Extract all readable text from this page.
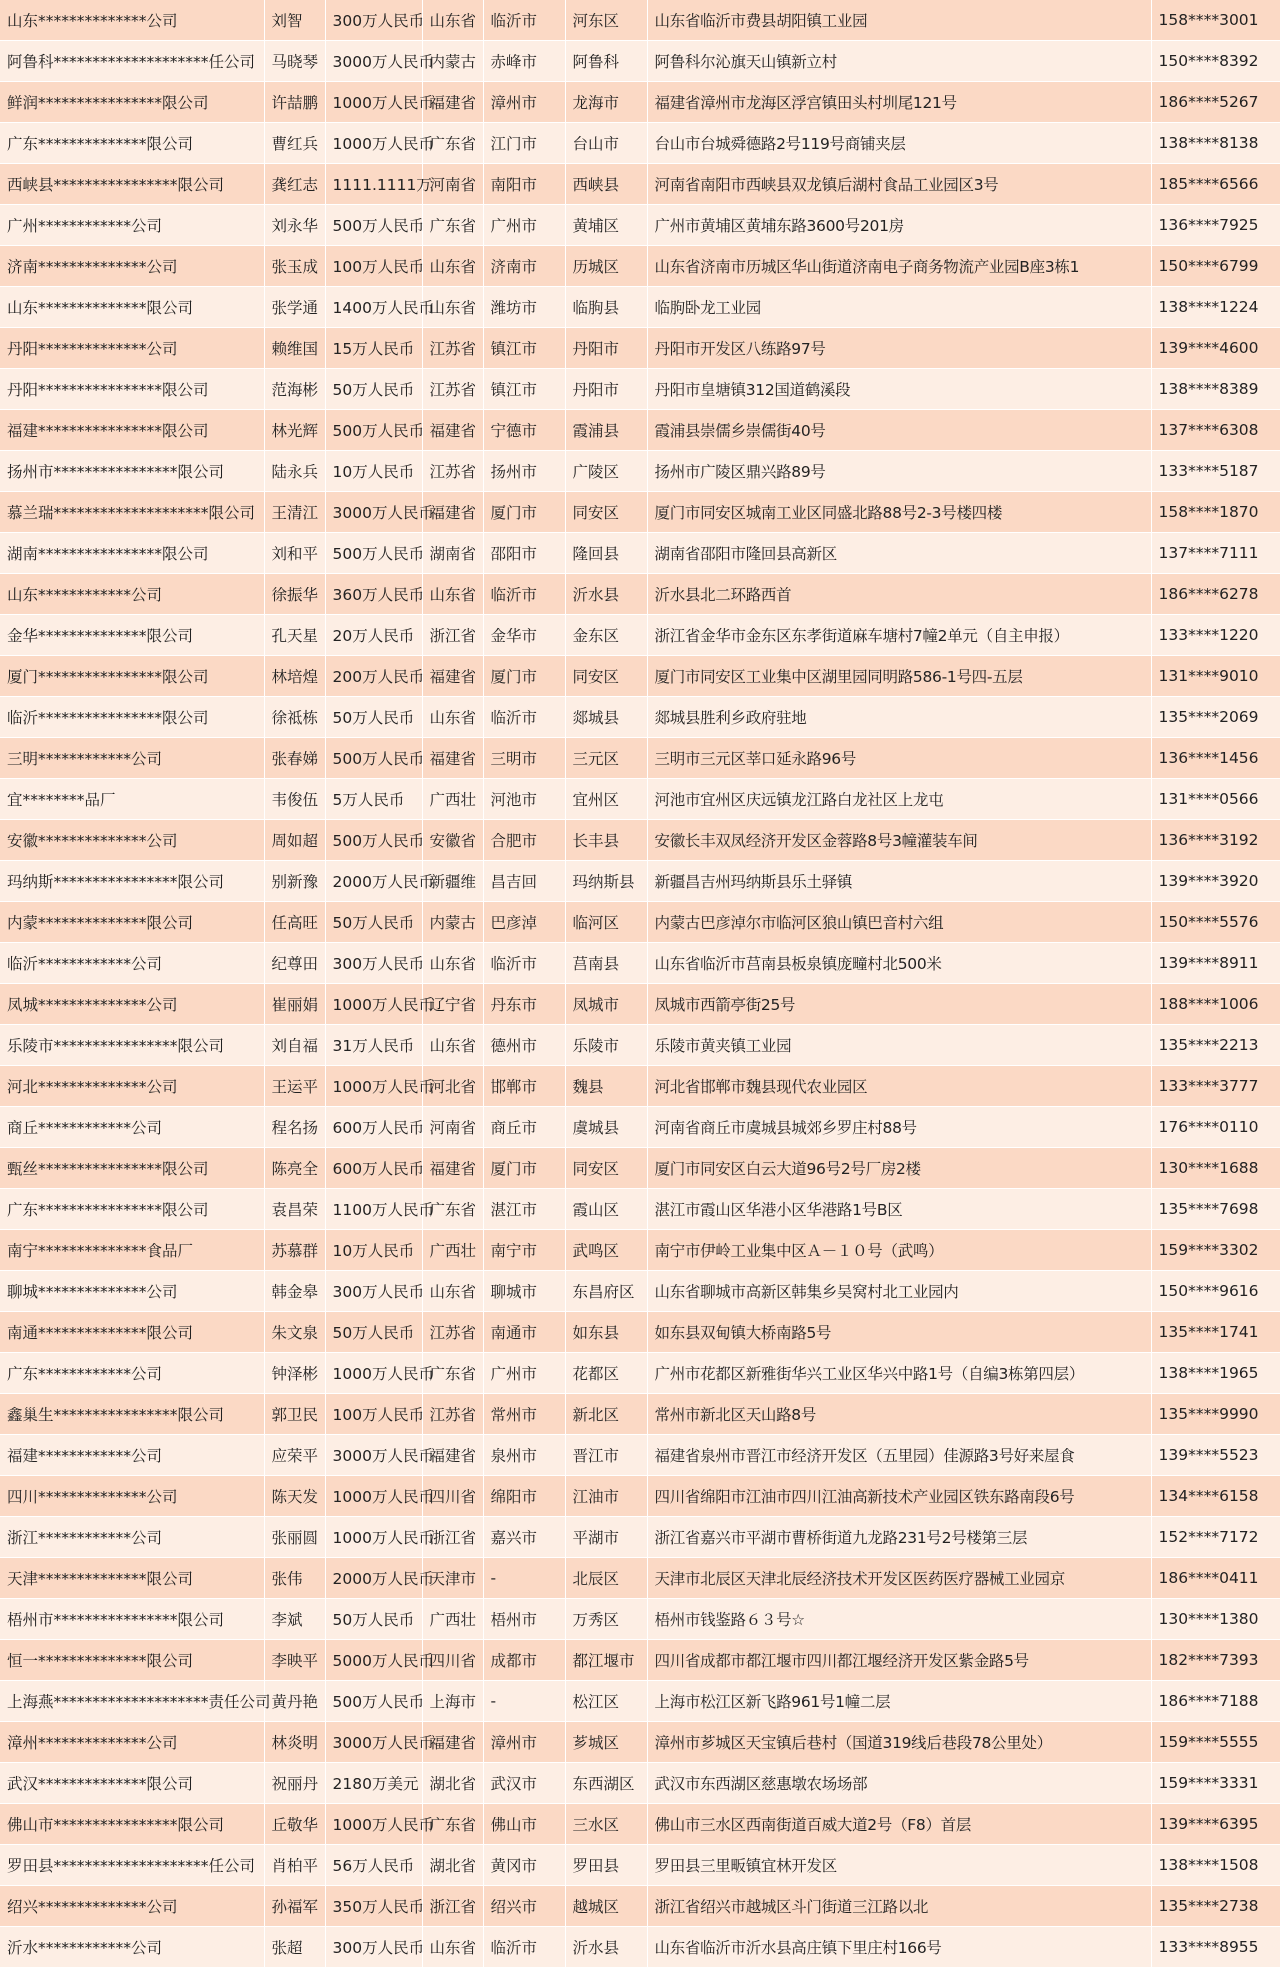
山东**************公司	刘智	300万人民币	山东省	临沂市	河东区	山东省临沂市费县胡阳镇工业园	158****3001
阿鲁科********************任公司	马晓琴	3000万人民币	内蒙古	赤峰市	阿鲁科	阿鲁科尔沁旗天山镇新立村	150****8392
鲜润****************限公司	许喆鹏	1000万人民币	福建省	漳州市	龙海市	福建省漳州市龙海区浮宫镇田头村圳尾121号	186****5267
广东**************限公司	曹红兵	1000万人民币	广东省	江门市	台山市	台山市台城舜德路2号119号商铺夹层	138****8138
西峡县****************限公司	龚红志	1111.1111万	河南省	南阳市	西峡县	河南省南阳市西峡县双龙镇后湖村食品工业园区3号	185****6566
广州************公司	刘永华	500万人民币	广东省	广州市	黄埔区	广州市黄埔区黄埔东路3600号201房	136****7925
济南**************公司	张玉成	100万人民币	山东省	济南市	历城区	山东省济南市历城区华山街道济南电子商务物流产业园B座3栋1	150****6799
山东**************限公司	张学通	1400万人民币	山东省	潍坊市	临朐县	临朐卧龙工业园	138****1224
丹阳**************公司	赖维国	15万人民币	江苏省	镇江市	丹阳市	丹阳市开发区八练路97号	139****4600
丹阳****************限公司	范海彬	50万人民币	江苏省	镇江市	丹阳市	丹阳市皇塘镇312国道鹤溪段	138****8389
福建****************限公司	林光辉	500万人民币	福建省	宁德市	霞浦县	霞浦县崇儒乡崇儒街40号	137****6308
扬州市****************限公司	陆永兵	10万人民币	江苏省	扬州市	广陵区	扬州市广陵区鼎兴路89号	133****5187
慕兰瑞********************限公司	王清江	3000万人民币	福建省	厦门市	同安区	厦门市同安区城南工业区同盛北路88号2-3号楼四楼	158****1870
湖南****************限公司	刘和平	500万人民币	湖南省	邵阳市	隆回县	湖南省邵阳市隆回县高新区	137****7111
山东************公司	徐振华	360万人民币	山东省	临沂市	沂水县	沂水县北二环路西首	186****6278
金华**************限公司	孔天星	20万人民币	浙江省	金华市	金东区	浙江省金华市金东区东孝街道麻车塘村7幢2单元（自主申报）	133****1220
厦门****************限公司	林培煌	200万人民币	福建省	厦门市	同安区	厦门市同安区工业集中区湖里园同明路586-1号四-五层	131****9010
临沂****************限公司	徐祗栋	50万人民币	山东省	临沂市	郯城县	郯城县胜利乡政府驻地	135****2069
三明************公司	张春娣	500万人民币	福建省	三明市	三元区	三明市三元区莘口延永路96号	136****1456
宜********品厂	韦俊伍	5万人民币	广西壮	河池市	宜州区	河池市宜州区庆远镇龙江路白龙社区上龙屯	131****0566
安徽**************公司	周如超	500万人民币	安徽省	合肥市	长丰县	安徽长丰双凤经济开发区金蓉路8号3幢灌装车间	136****3192
玛纳斯****************限公司	别新豫	2000万人民币	新疆维	昌吉回	玛纳斯县	新疆昌吉州玛纳斯县乐土驿镇	139****3920
内蒙**************限公司	任高旺	50万人民币	内蒙古	巴彦淖	临河区	内蒙古巴彦淖尔市临河区狼山镇巴音村六组	150****5576
临沂************公司	纪尊田	300万人民币	山东省	临沂市	莒南县	山东省临沂市莒南县板泉镇庞疃村北500米	139****8911
凤城**************公司	崔丽娟	1000万人民币	辽宁省	丹东市	凤城市	凤城市西箭亭街25号	188****1006
乐陵市****************限公司	刘自福	31万人民币	山东省	德州市	乐陵市	乐陵市黄夹镇工业园	135****2213
河北**************公司	王运平	1000万人民币	河北省	邯郸市	魏县	河北省邯郸市魏县现代农业园区	133****3777
商丘************公司	程名扬	600万人民币	河南省	商丘市	虞城县	河南省商丘市虞城县城郊乡罗庄村88号	176****0110
甄丝****************限公司	陈亮全	600万人民币	福建省	厦门市	同安区	厦门市同安区白云大道96号2号厂房2楼	130****1688
广东****************限公司	袁昌荣	1100万人民币	广东省	湛江市	霞山区	湛江市霞山区华港小区华港路1号B区	135****7698
南宁**************食品厂	苏慕群	10万人民币	广西壮	南宁市	武鸣区	南宁市伊岭工业集中区Ａ－１０号（武鸣）	159****3302
聊城**************公司	韩金皋	300万人民币	山东省	聊城市	东昌府区	山东省聊城市高新区韩集乡吴窝村北工业园内	150****9616
南通**************限公司	朱文泉	50万人民币	江苏省	南通市	如东县	如东县双甸镇大桥南路5号	135****1741
广东************公司	钟泽彬	1000万人民币	广东省	广州市	花都区	广州市花都区新雅街华兴工业区华兴中路1号（自编3栋第四层）	138****1965
鑫巢生****************限公司	郭卫民	100万人民币	江苏省	常州市	新北区	常州市新北区天山路8号	135****9990
福建************公司	应荣平	3000万人民币	福建省	泉州市	晋江市	福建省泉州市晋江市经济开发区（五里园）佳源路3号好来屋食	139****5523
四川**************公司	陈天发	1000万人民币	四川省	绵阳市	江油市	四川省绵阳市江油市四川江油高新技术产业园区铁东路南段6号	134****6158
浙江************公司	张丽圆	1000万人民币	浙江省	嘉兴市	平湖市	浙江省嘉兴市平湖市曹桥街道九龙路231号2号楼第三层	152****7172
天津**************限公司	张伟	2000万人民币	天津市	-	北辰区	天津市北辰区天津北辰经济技术开发区医药医疗器械工业园京	186****0411
梧州市****************限公司	李斌	50万人民币	广西壮	梧州市	万秀区	梧州市钱鉴路６３号☆	130****1380
恒一**************限公司	李映平	5000万人民币	四川省	成都市	都江堰市	四川省成都市都江堰市四川都江堰经济开发区紫金路5号	182****7393
上海燕********************责任公司	黄丹艳	500万人民币	上海市	-	松江区	上海市松江区新飞路961号1幢二层	186****7188
漳州**************公司	林炎明	3000万人民币	福建省	漳州市	芗城区	漳州市芗城区天宝镇后巷村（国道319线后巷段78公里处）	159****5555
武汉**************限公司	祝丽丹	2180万美元	湖北省	武汉市	东西湖区	武汉市东西湖区慈惠墩农场场部	159****3331
佛山市****************限公司	丘敬华	1000万人民币	广东省	佛山市	三水区	佛山市三水区西南街道百威大道2号（F8）首层	139****6395
罗田县********************任公司	肖柏平	56万人民币	湖北省	黄冈市	罗田县	罗田县三里畈镇宜林开发区	138****1508
绍兴**************公司	孙福军	350万人民币	浙江省	绍兴市	越城区	浙江省绍兴市越城区斗门街道三江路以北	135****2738
沂水************公司	张超	300万人民币	山东省	临沂市	沂水县	山东省临沂市沂水县高庄镇下里庄村166号	133****8955
